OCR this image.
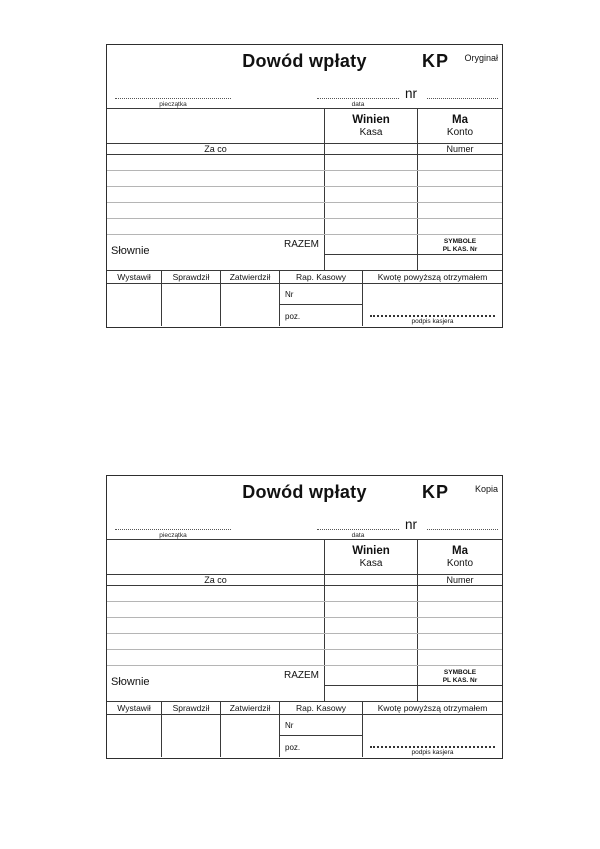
Dowód wpłaty	KP Oryginał
pieczątka	data
nr
Winien
Kasa
Ma
Konto
Za co	Numer
RAZEM
Słownie
SYMBOLE
PL KAS. Nr
Wystawił	Sprawdził	Zatwierdził	Rap. Kasowy	Kwotę powyższą otrzymałem
Nr
poz.
podpis kasjera
Dowód wpłaty	KP	Kopia
pieczątka	data
nr
Winien
Kasa
Ma
Konto
Za co	Numer
RAZEM
Słownie
SYMBOLE
PL KAS. Nr
Wystawił	Sprawdził	Zatwierdził	Rap. Kasowy	Kwotę powyższą otrzymałem
Nr
poz.
podpis kasjera
